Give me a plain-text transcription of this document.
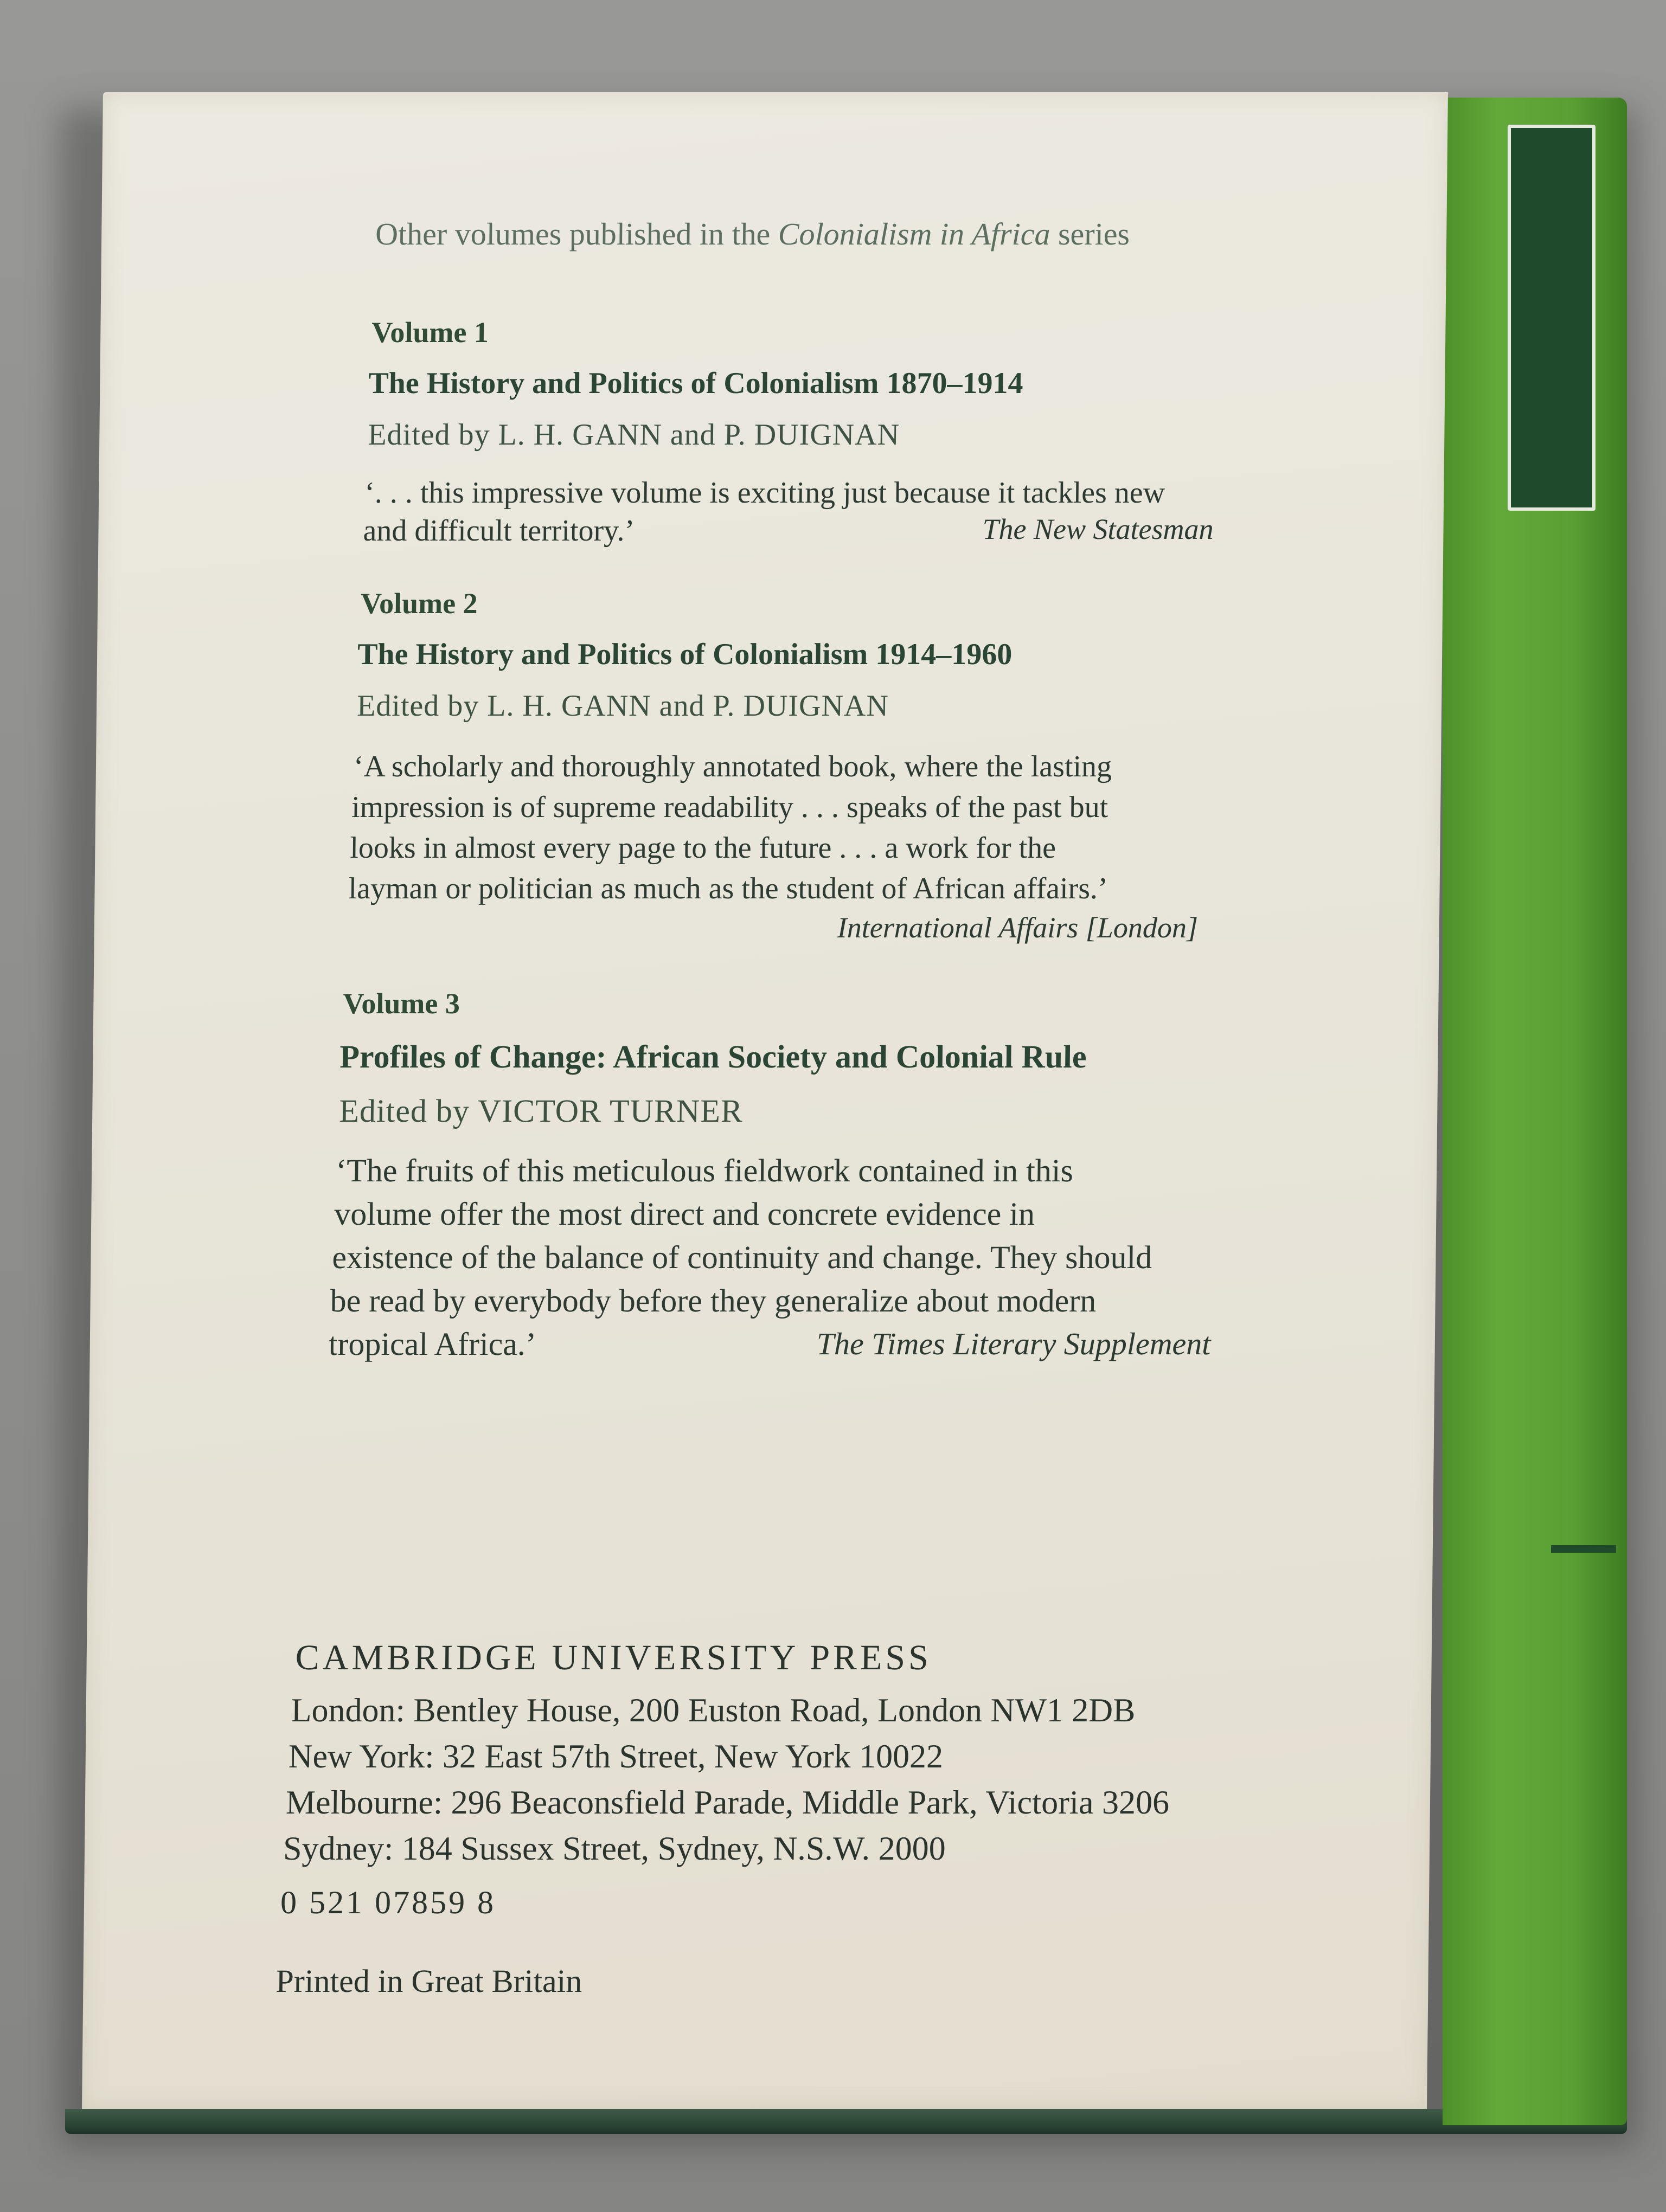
Other volumes published in the Colonialism in Africa series

Volume 1

The History and Politics of Colonialism 1870–1914

Edited by L. H. GANN and P. DUIGNAN

‘. . . this impressive volume is exciting just because it tackles new

and difficult territory.’	The New Statesman

Volume 2

The History and Politics of Colonialism 1914–1960

Edited by L. H. GANN and P. DUIGNAN

‘A scholarly and thoroughly annotated book, where the lasting

impression is of supreme readability . . . speaks of the past but

looks in almost every page to the future . . . a work for the

layman or politician as much as the student of African affairs.’

International Affairs [London]

Volume 3

Profiles of Change: African Society and Colonial Rule

Edited by VICTOR TURNER

‘The fruits of this meticulous fieldwork contained in this

volume offer the most direct and concrete evidence in

existence of the balance of continuity and change. They should

be read by everybody before they generalize about modern

tropical Africa.’	The Times Literary Supplement

CAMBRIDGE UNIVERSITY PRESS

London: Bentley House, 200 Euston Road, London NW1 2DB

New York: 32 East 57th Street, New York 10022

Melbourne: 296 Beaconsfield Parade, Middle Park, Victoria 3206

Sydney: 184 Sussex Street, Sydney, N.S.W. 2000

0 521 07859 8

Printed in Great Britain
